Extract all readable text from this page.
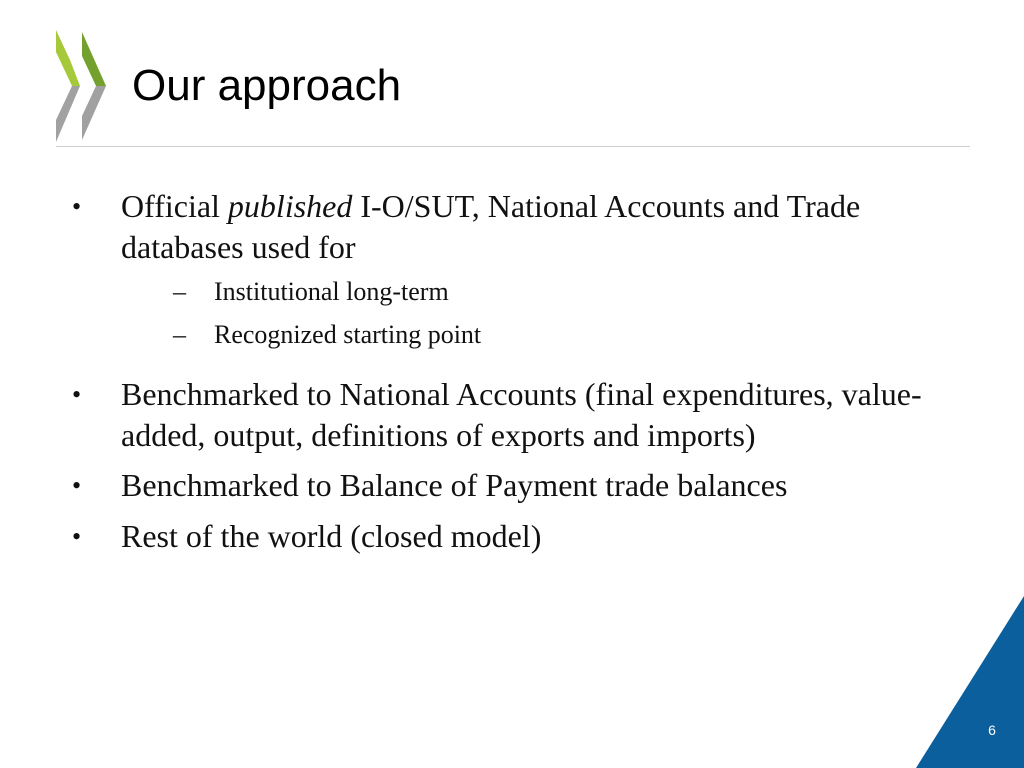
Our approach
• Official published I-O/SUT, National Accounts and Trade databases used for
– Institutional long-term
– Recognized starting point
• Benchmarked to National Accounts (final expenditures, value-added, output, definitions of exports and imports)
• Benchmarked to Balance of Payment trade balances
• Rest of the world (closed model)
6
